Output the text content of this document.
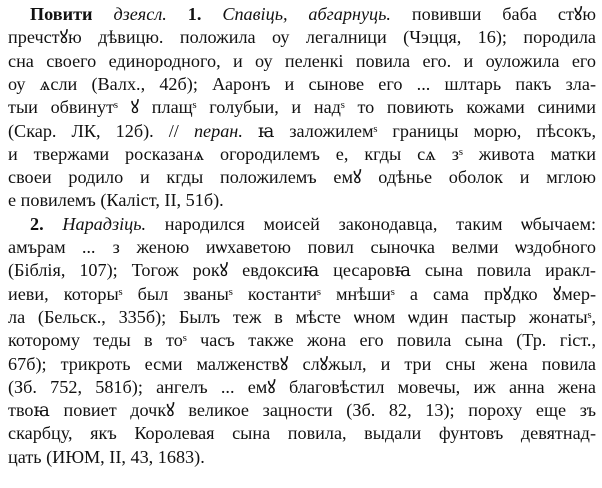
Повити дзеясл. 1. Спавіць, абгарнуць. повивши баба стꙋю
пречстꙋю дѣвицю. положила оу легалници (Чэцця, 16); породила
сна своего единородного, и оу пеленкі повила его. и оуложила его
оу ѧсли (Валх., 42б); Ааронъ и сынове его ... шлтарь пакъ зла-
тыи обвинутˢ ꙋ плащˢ голубыи, и надˢ то повиють кожами синими
(Скар. ЛК, 12б). // перан. ꙗ заложилемˢ границы морю, пѣсокъ,
и твержами росказанѧ огородилемъ е, кгды сѧ зˢ живота матки
своеи родило и кгды положилемъ емꙋ одѣнье оболок и мглою
е повилемъ (Калiст, II, 51б).
2. Нарадзіць. народился моисей законодавца, таким ѡбычаем:
амърам ... з женою иѡхаветою повил сыночка велми ѡздобного
(Біблія, 107); Тогож рокꙋ евдоксиꙗ цесаровꙗ сына повила иракл-
иеви, которыˢ был званыˢ костантиˢ мнѣшиˢ а сама прꙋдко ꙋмер-
ла (Бельск., 335б); Былъ теж в мѣсте ѡном ѡдин пастыр жонатыˢ,
которому теды в тоˢ часъ также жона его повила сына (Тр. гіст.,
67б); трикроть есми малженствꙋ слꙋжыл, и три сны жена повила
(Зб. 752, 581б); ангелъ ... емꙋ благовѣстил мовечы, иж анна жена
твоꙗ повиет дочкꙋ великое зацности (Зб. 82, 13); пороху еще зъ
скарбцу, якъ Королевая сына повила, выдали фунтовъ девятнад-
цать (ИЮМ, II, 43, 1683).
